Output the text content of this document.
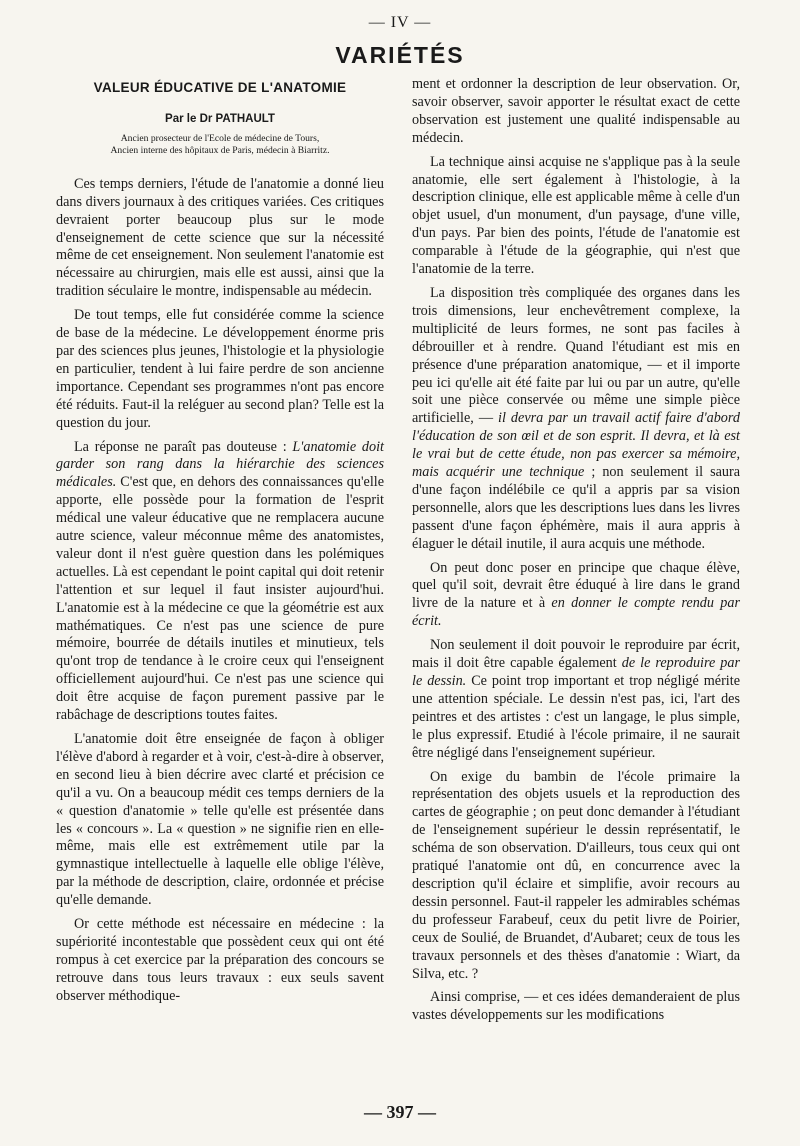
— IV —
VARIÉTÉS
VALEUR ÉDUCATIVE DE L'ANATOMIE
Par le Dr PATHAULT
Ancien prosecteur de l'Ecole de médecine de Tours,
Ancien interne des hôpitaux de Paris, médecin à Biarritz.

Ces temps derniers, l'étude de l'anatomie a donné lieu dans divers journaux à des critiques variées. Ces critiques devraient porter beaucoup plus sur le mode d'enseignement de cette science que sur la nécessité même de cet enseignement. Non seulement l'anatomie est nécessaire au chirurgien, mais elle est aussi, ainsi que la tradition séculaire le montre, indispensable au médecin.

De tout temps, elle fut considérée comme la science de base de la médecine. Le développement énorme pris par des sciences plus jeunes, l'histologie et la physiologie en particulier, tendent à lui faire perdre de son ancienne importance. Cependant ses programmes n'ont pas encore été réduits. Faut-il la reléguer au second plan? Telle est la question du jour.

La réponse ne paraît pas douteuse : L'anatomie doit garder son rang dans la hiérarchie des sciences médicales. C'est que, en dehors des connaissances qu'elle apporte, elle possède pour la formation de l'esprit médical une valeur éducative que ne remplacera aucune autre science, valeur méconnue même des anatomistes, valeur dont il n'est guère question dans les polémiques actuelles. Là est cependant le point capital qui doit retenir l'attention et sur lequel il faut insister aujourd'hui. L'anatomie est à la médecine ce que la géométrie est aux mathématiques. Ce n'est pas une science de pure mémoire, bourrée de détails inutiles et minutieux, tels qu'ont trop de tendance à le croire ceux qui l'enseignent officiellement aujourd'hui. Ce n'est pas une science qui doit être acquise de façon purement passive par le rabâchage de descriptions toutes faites.

L'anatomie doit être enseignée de façon à obliger l'élève d'abord à regarder et à voir, c'est-à-dire à observer, en second lieu à bien décrire avec clarté et précision ce qu'il a vu. On a beaucoup médit ces temps derniers de la « question d'anatomie » telle qu'elle est présentée dans les « concours ». La « question » ne signifie rien en elle-même, mais elle est extrêmement utile par la gymnastique intellectuelle à laquelle elle oblige l'élève, par la méthode de description, claire, ordonnée et précise qu'elle demande.

Or cette méthode est nécessaire en médecine : la supériorité incontestable que possèdent ceux qui ont été rompus à cet exercice par la préparation des concours se retrouve dans tous leurs travaux : eux seuls savent observer méthodique-

ment et ordonner la description de leur observation. Or, savoir observer, savoir apporter le résultat exact de cette observation est justement une qualité indispensable au médecin.

La technique ainsi acquise ne s'applique pas à la seule anatomie, elle sert également à l'histologie, à la description clinique, elle est applicable même à celle d'un objet usuel, d'un monument, d'un paysage, d'une ville, d'un pays. Par bien des points, l'étude de l'anatomie est comparable à l'étude de la géographie, qui n'est que l'anatomie de la terre.

La disposition très compliquée des organes dans les trois dimensions, leur enchevêtrement complexe, la multiplicité de leurs formes, ne sont pas faciles à débrouiller et à rendre. Quand l'étudiant est mis en présence d'une préparation anatomique, — et il importe peu ici qu'elle ait été faite par lui ou par un autre, qu'elle soit une pièce conservée ou même une simple pièce artificielle, — il devra par un travail actif faire d'abord l'éducation de son œil et de son esprit. Il devra, et là est le vrai but de cette étude, non pas exercer sa mémoire, mais acquérir une technique ; non seulement il saura d'une façon indélébile ce qu'il a appris par sa vision personnelle, alors que les descriptions lues dans les livres passent d'une façon éphémère, mais il aura appris à élaguer le détail inutile, il aura acquis une méthode.

On peut donc poser en principe que chaque élève, quel qu'il soit, devrait être éduqué à lire dans le grand livre de la nature et à en donner le compte rendu par écrit.

Non seulement il doit pouvoir le reproduire par écrit, mais il doit être capable également de le reproduire par le dessin. Ce point trop important et trop négligé mérite une attention spéciale. Le dessin n'est pas, ici, l'art des peintres et des artistes : c'est un langage, le plus simple, le plus expressif. Etudié à l'école primaire, il ne saurait être négligé dans l'enseignement supérieur.

On exige du bambin de l'école primaire la représentation des objets usuels et la reproduction des cartes de géographie ; on peut donc demander à l'étudiant de l'enseignement supérieur le dessin représentatif, le schéma de son observation. D'ailleurs, tous ceux qui ont pratiqué l'anatomie ont dû, en concurrence avec la description qu'il éclaire et simplifie, avoir recours au dessin personnel. Faut-il rappeler les admirables schémas du professeur Farabeuf, ceux du petit livre de Poirier, ceux de Soulié, de Bruandet, d'Aubaret; ceux de tous les travaux personnels et des thèses d'anatomie : Wiart, da Silva, etc. ?

Ainsi comprise, — et ces idées demanderaient de plus vastes développements sur les modifications

— 397 —
